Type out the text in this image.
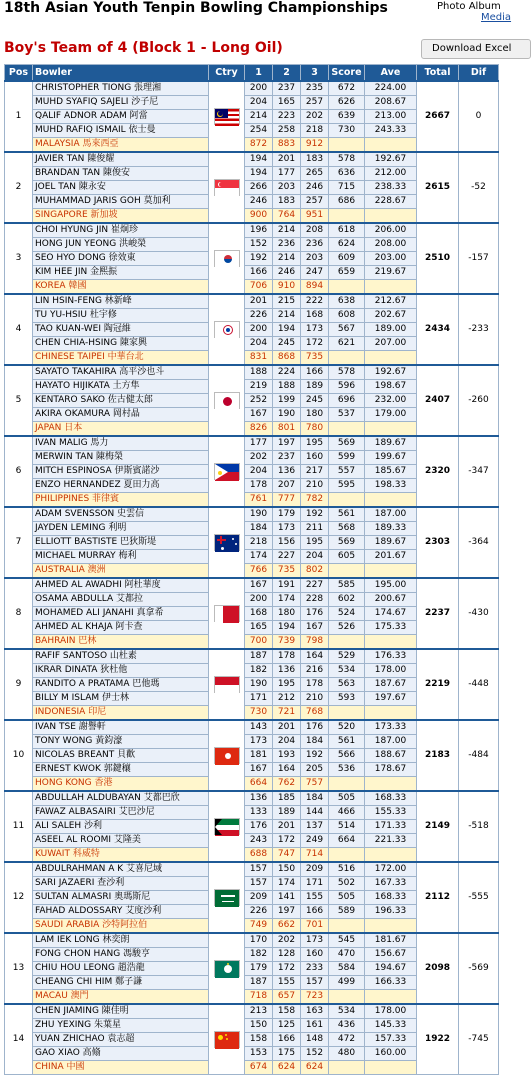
18th Asian Youth Tenpin Bowling Championships	Photo Album
Media
Boy's Team of 4 (Block 1 - Long Oil)	Download Excel
Pos	Bowler	Ctry	1	2	3	Score	Ave	Total	Dif
1	CHRISTOPHER TIONG 張理湘		200	237	235	672	224.00	2667	0
	MUHD SYAFIQ SAJELI 沙子尼		204	165	257	626	208.67		
	QALIF ADNOR ADAM 阿當		214	223	202	639	213.00		
	MUHD RAFIQ ISMAIL 依士曼		254	258	218	730	243.33		
	MALAYSIA 馬來西亞		872	883	912				
2	JAVIER TAN 陳俊耀		194	201	183	578	192.67	2615	-52
	BRANDAN TAN 陳俊安		194	177	265	636	212.00		
	JOEL TAN 陳永安		266	203	246	715	238.33		
	MUHAMMAD JARIS GOH 莫加利		246	183	257	686	228.67		
	SINGAPORE 新加坡		900	764	951				
3	CHOI HYUNG JIN 崔炯珍		196	214	208	618	206.00	2510	-157
	HONG JUN YEONG 洪峻榮		152	236	236	624	208.00		
	SEO HYO DONG 徐效東		192	214	203	609	203.00		
	KIM HEE JIN 金熙振		166	246	247	659	219.67		
	KOREA 韓國		706	910	894				
4	LIN HSIN-FENG 林新峰		201	215	222	638	212.67	2434	-233
	TU YU-HSIU 杜宇修		226	214	168	608	202.67		
	TAO KUAN-WEI 陶冠維		200	194	173	567	189.00		
	CHEN CHIA-HSING 陳家興		204	245	172	621	207.00		
	CHINESE TAIPEI 中華台北		831	868	735				
5	SAYATO TAKAHIRA 高平沙也斗		188	224	166	578	192.67	2407	-260
	HAYATO HIJIKATA 土方隼		219	188	189	596	198.67		
	KENTARO SAKO 佐古健太郎		252	199	245	696	232.00		
	AKIRA OKAMURA 岡村晶		167	190	180	537	179.00		
	JAPAN 日本		826	801	780				
6	IVAN MALIG 馬力		177	197	195	569	189.67	2320	-347
	MERWIN TAN 陳梅榮		202	237	160	599	199.67		
	MITCH ESPINOSA 伊斯賓諾沙		204	136	217	557	185.67		
	ENZO HERNANDEZ 夏田力高		178	207	210	595	198.33		
	PHILIPPINES 菲律賓		761	777	782				
7	ADAM SVENSSON 史雲信		190	179	192	561	187.00	2303	-364
	JAYDEN LEMING 利明		184	173	211	568	189.33		
	ELLIOTT BASTISTE 巴狄斯堤		218	156	195	569	189.67		
	MICHAEL MURRAY 梅利		174	227	204	605	201.67		
	AUSTRALIA 澳洲		766	735	802				
8	AHMED AL AWADHI 阿杜華度		167	191	227	585	195.00	2237	-430
	OSAMA ABDULLA 艾都拉		200	174	228	602	200.67		
	MOHAMED ALI JANAHI 真拿希		168	180	176	524	174.67		
	AHMED AL KHAJA 阿卡查		165	194	167	526	175.33		
	BAHRAIN 巴林		700	739	798				
9	RAFIF SANTOSO 山杜素		187	178	164	529	176.33	2219	-448
	IKRAR DINATA 狄杜他		182	136	216	534	178.00		
	RANDITO A PRATAMA 巴他瑪		190	195	178	563	187.67		
	BILLY M ISLAM 伊士林		171	212	210	593	197.67		
	INDONESIA 印尼		730	721	768				
10	IVAN TSE 謝譽軒		143	201	176	520	173.33	2183	-484
	TONY WONG 黃鈞濠		173	204	184	561	187.00		
	NICOLAS BREANT 貝歡		181	193	192	566	188.67		
	ERNEST KWOK 郭鍵穰		167	164	205	536	178.67		
	HONG KONG 香港		664	762	757				
11	ABDULLAH ALDUBAYAN 艾都巴欣		136	185	184	505	168.33	2149	-518
	FAWAZ ALBASAIRI 艾巴沙尼		133	189	144	466	155.33		
	ALI SALEH 沙利		176	201	137	514	171.33		
	ASEEL AL ROOMI 艾隆美		243	172	249	664	221.33		
	KUWAIT 科威特		688	747	714				
12	ABDULRAHMAN A K 艾喜尼域		157	150	209	516	172.00	2112	-555
	SARI JAZAERI 查沙利		157	174	171	502	167.33		
	SULTAN ALMASRI 奧瑪斯尼		209	141	155	505	168.33		
	FAHAD ALDOSSARY 艾度沙利		226	197	166	589	196.33		
	SAUDI ARABIA 沙特阿拉伯		749	662	701				
13	LAM IEK LONG 林奕朗		170	202	173	545	181.67	2098	-569
	FONG CHON HANG 馮駿亨		182	128	160	470	156.67		
	CHIU HOU LEONG 趙浩龍		179	172	233	584	194.67		
	CHEANG CHI HIM 鄭子謙		187	155	157	499	166.33		
	MACAU 澳門		718	657	723				
14	CHEN JIAMING 陳佳明		213	158	163	534	178.00	1922	-745
	ZHU YEXING 朱葉星		150	125	161	436	145.33		
	YUAN ZHICHAO 袁志超		158	166	148	472	157.33		
	GAO XIAO 高翛		153	175	152	480	160.00		
	CHINA 中國		674	624	624				
